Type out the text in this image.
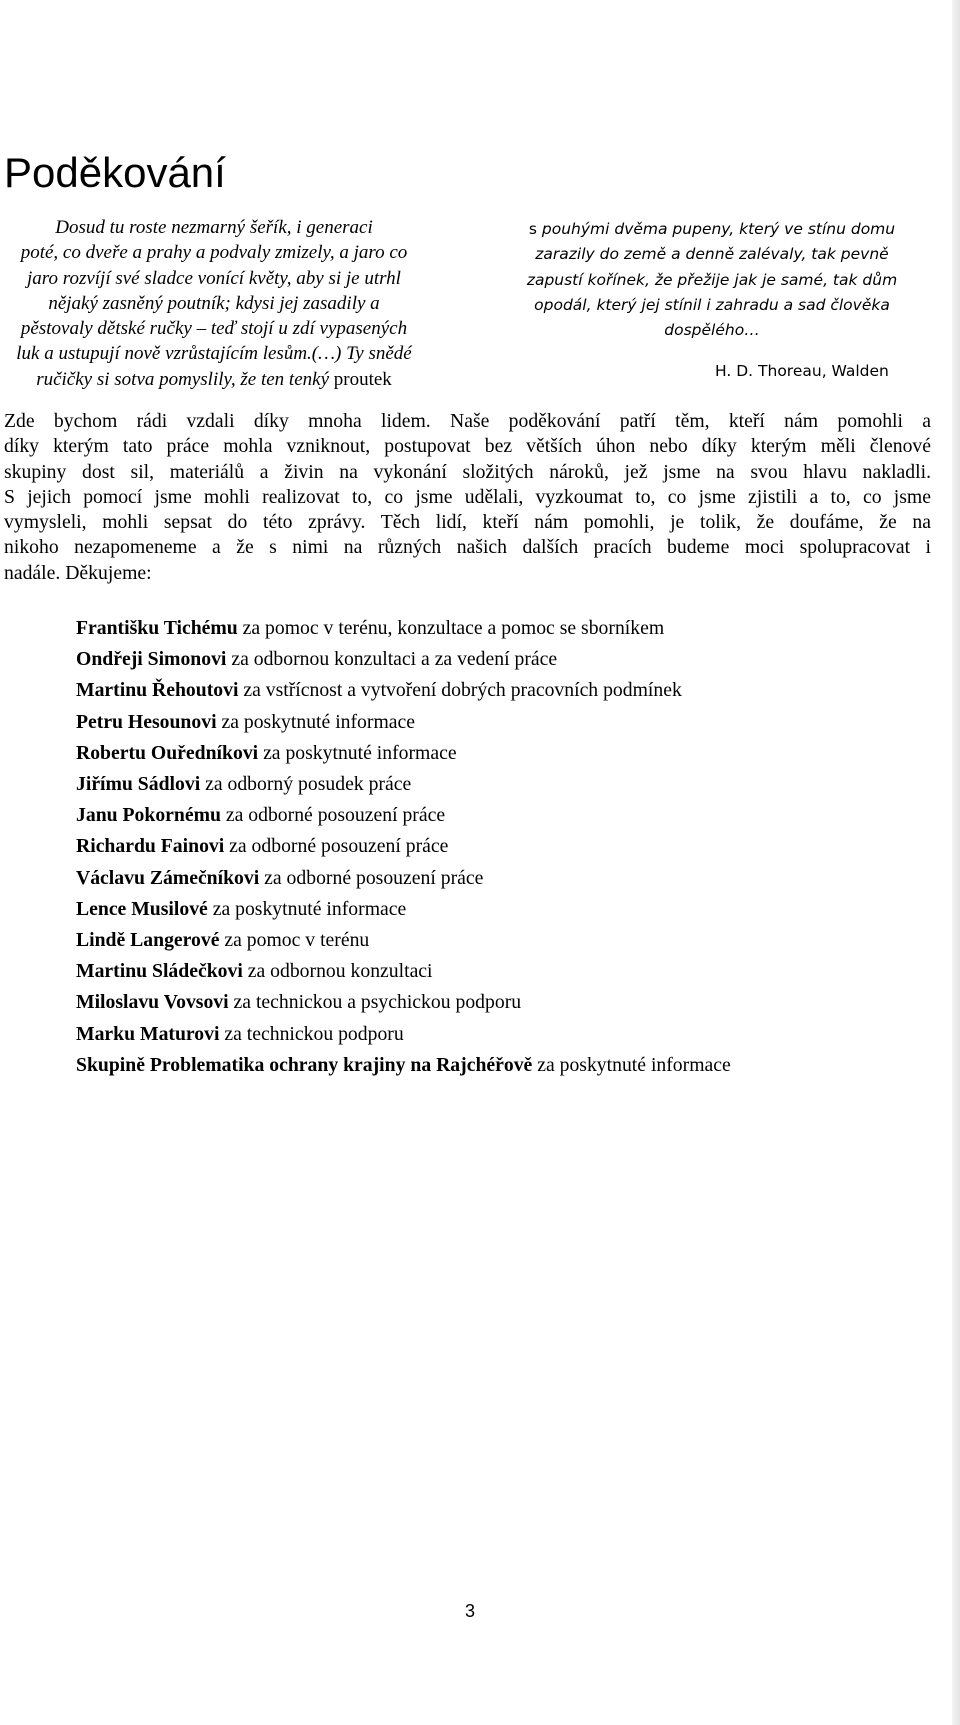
Poděkování
Dosud tu roste nezmarný šeřík, i generaci
poté, co dveře a prahy a podvaly zmizely, a jaro co
jaro rozvíjí své sladce vonící květy, aby si je utrhl
nějaký zasněný poutník; kdysi jej zasadily a
pěstovaly dětské ručky – teď stojí u zdí vypasených
luk a ustupují nově vzrůstajícím lesům.(…) Ty snědé
ručičky si sotva pomyslily, že ten tenký proutek
s pouhými dvěma pupeny, který ve stínu domu
zarazily do země a denně zalévaly, tak pevně
zapustí kořínek, že přežije jak je samé, tak dům
opodál, který jej stínil i zahradu a sad člověka
dospělého…
H. D. Thoreau, Walden
Zde bychom rádi vzdali díky mnoha lidem. Naše poděkování patří těm, kteří nám pomohli a
díky kterým tato práce mohla vzniknout, postupovat bez větších úhon nebo díky kterým měli členové
skupiny dost sil, materiálů a živin na vykonání složitých nároků, jež jsme na svou hlavu nakladli.
S jejich pomocí jsme mohli realizovat to, co jsme udělali, vyzkoumat to, co jsme zjistili a to, co jsme
vymysleli, mohli sepsat do této zprávy. Těch lidí, kteří nám pomohli, je tolik, že doufáme, že na
nikoho nezapomeneme a že s nimi na různých našich dalších pracích budeme moci spolupracovat i
nadále. Děkujeme:
Františku Tichému za pomoc v terénu, konzultace a pomoc se sborníkem
Ondřeji Simonovi za odbornou konzultaci a za vedení práce
Martinu Řehoutovi za vstřícnost a vytvoření dobrých pracovních podmínek
Petru Hesounovi za poskytnuté informace
Robertu Ouředníkovi za poskytnuté informace
Jiřímu Sádlovi za odborný posudek práce
Janu Pokornému za odborné posouzení práce
Richardu Fainovi za odborné posouzení práce
Václavu Zámečníkovi za odborné posouzení práce
Lence Musilové za poskytnuté informace
Lindě Langerové za pomoc v terénu
Martinu Sládečkovi za odbornou konzultaci
Miloslavu Vovsovi za technickou a psychickou podporu
Marku Maturovi za technickou podporu
Skupině Problematika ochrany krajiny na Rajchéřově za poskytnuté informace
3
